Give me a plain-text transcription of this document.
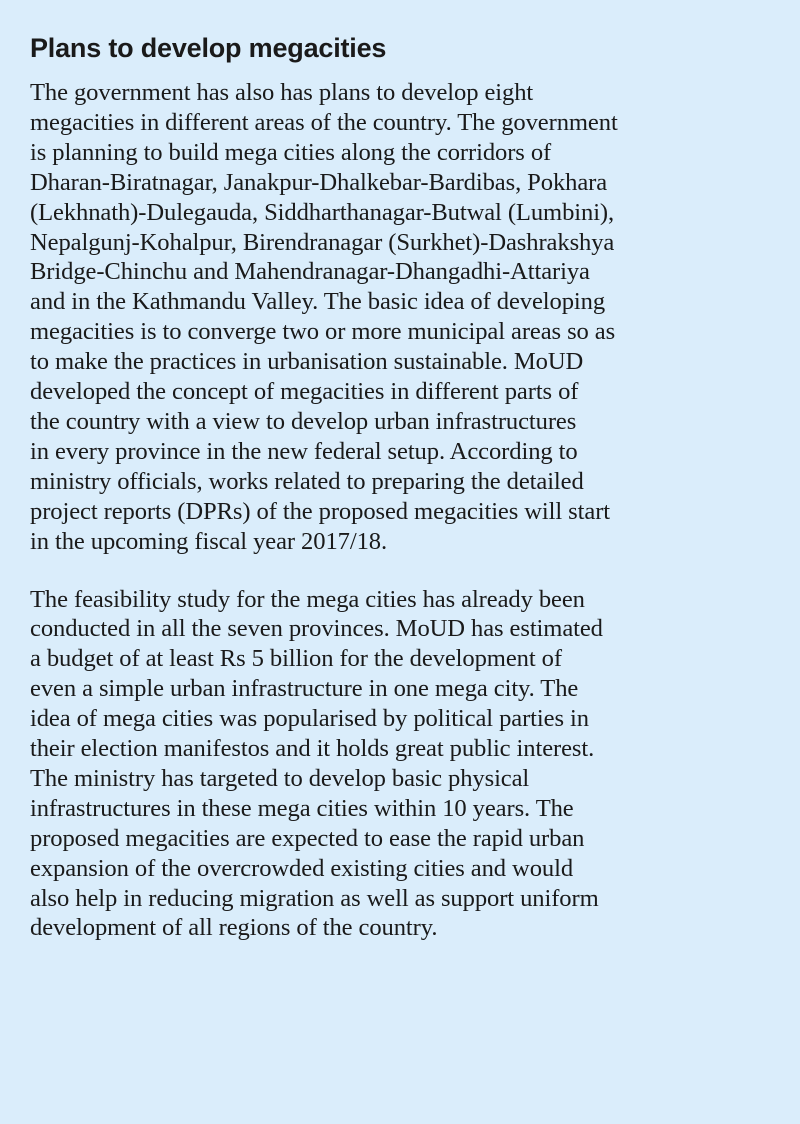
Plans to develop megacities

The government has also has plans to develop eight
megacities in different areas of the country. The government
is planning to build mega cities along the corridors of
Dharan-Biratnagar, Janakpur-Dhalkebar-Bardibas, Pokhara
(Lekhnath)-Dulegauda, Siddharthanagar-Butwal (Lumbini),
Nepalgunj-Kohalpur, Birendranagar (Surkhet)-Dashrakshya
Bridge-Chinchu and Mahendranagar-Dhangadhi-Attariya
and in the Kathmandu Valley. The basic idea of developing
megacities is to converge two or more municipal areas so as
to make the practices in urbanisation sustainable. MoUD
developed the concept of megacities in different parts of
the country with a view to develop urban infrastructures
in every province in the new federal setup. According to
ministry officials, works related to preparing the detailed
project reports (DPRs) of the proposed megacities will start
in the upcoming fiscal year 2017/18.

The feasibility study for the mega cities has already been
conducted in all the seven provinces. MoUD has estimated
a budget of at least Rs 5 billion for the development of
even a simple urban infrastructure in one mega city. The
idea of mega cities was popularised by political parties in
their election manifestos and it holds great public interest.
The ministry has targeted to develop basic physical
infrastructures in these mega cities within 10 years. The
proposed megacities are expected to ease the rapid urban
expansion of the overcrowded existing cities and would
also help in reducing migration as well as support uniform
development of all regions of the country.
